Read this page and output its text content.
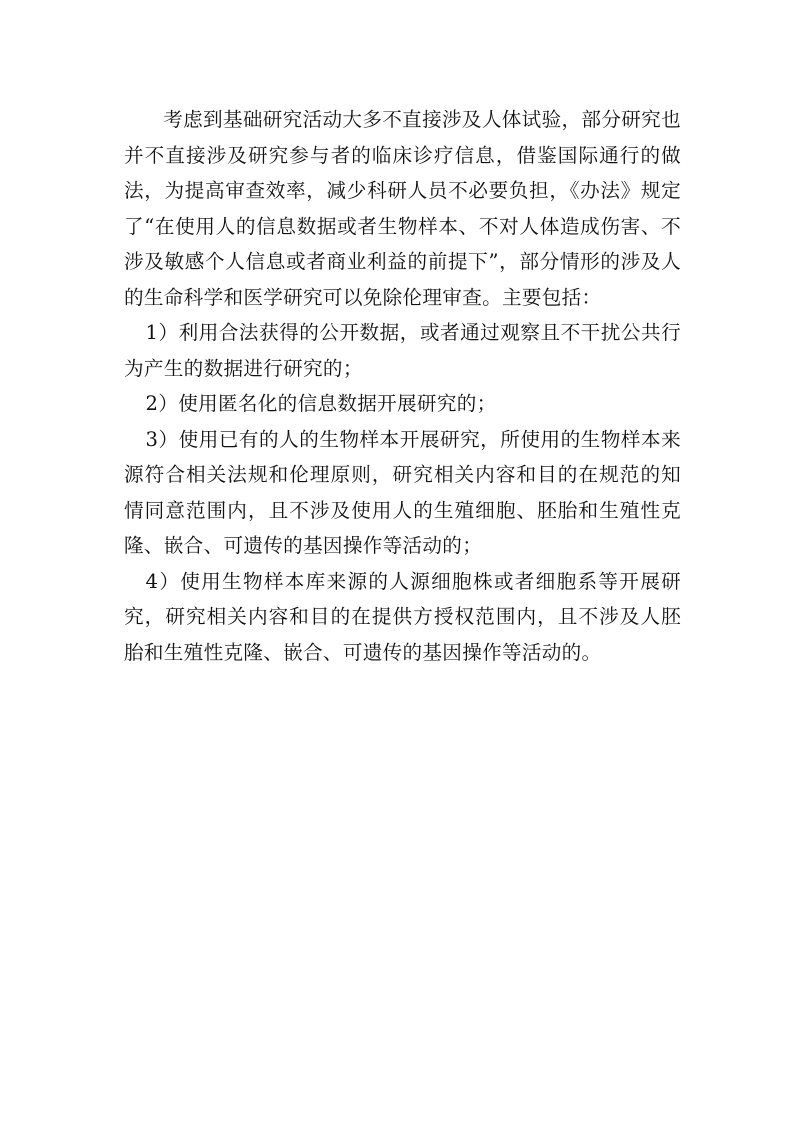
考虑到基础研究活动大多不直接涉及人体试验，部分研究也并不直接涉及研究参与者的临床诊疗信息，借鉴国际通行的做法，为提高审查效率，减少科研人员不必要负担，《办法》规定了“在使用人的信息数据或者生物样本、不对人体造成伤害、不涉及敏感个人信息或者商业利益的前提下”，部分情形的涉及人的生命科学和医学研究可以免除伦理审查。主要包括：

1）利用合法获得的公开数据，或者通过观察且不干扰公共行为产生的数据进行研究的；

2）使用匿名化的信息数据开展研究的；

3）使用已有的人的生物样本开展研究，所使用的生物样本来源符合相关法规和伦理原则，研究相关内容和目的在规范的知情同意范围内，且不涉及使用人的生殖细胞、胚胎和生殖性克隆、嵌合、可遗传的基因操作等活动的；

4）使用生物样本库来源的人源细胞株或者细胞系等开展研究，研究相关内容和目的在提供方授权范围内，且不涉及人胚胎和生殖性克隆、嵌合、可遗传的基因操作等活动的。
